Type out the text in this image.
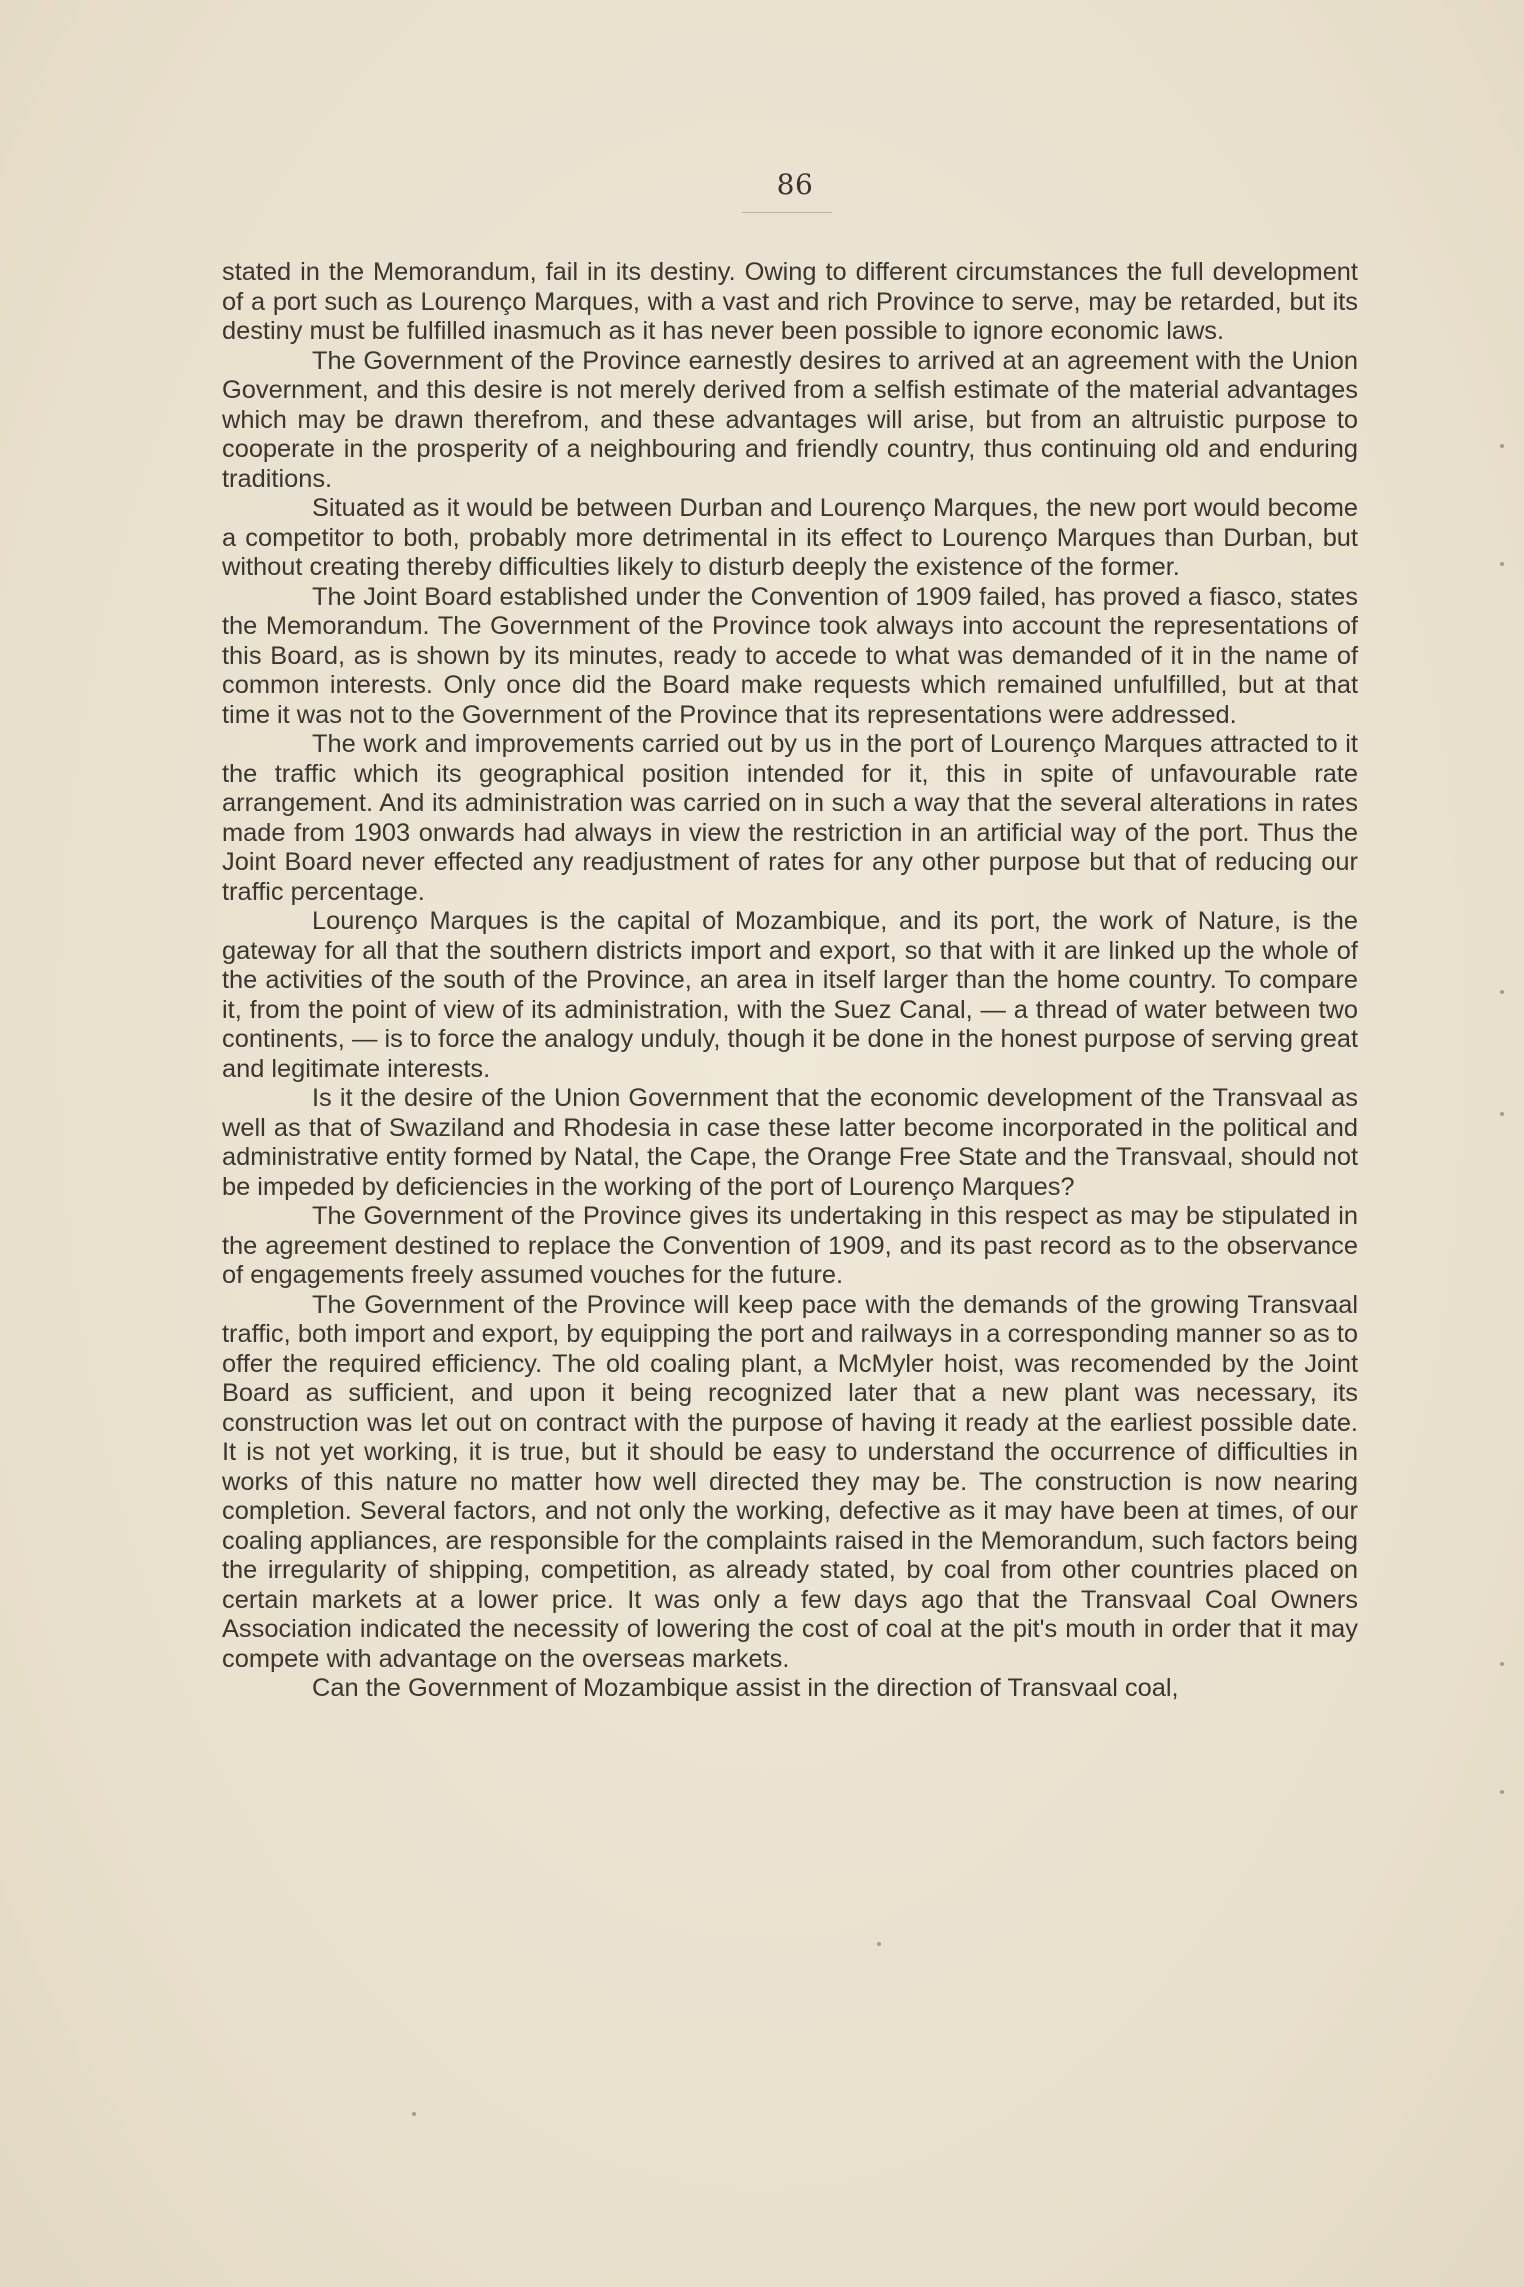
86

stated in the Memorandum, fail in its destiny. Owing to different circumstances the full development of a port such as Lourenço Marques, with a vast and rich Province to serve, may be retarded, but its destiny must be fulfilled inasmuch as it has never been possible to ignore economic laws.

The Government of the Province earnestly desires to arrived at an agreement with the Union Government, and this desire is not merely derived from a selfish estimate of the material advantages which may be drawn therefrom, and these advantages will arise, but from an altruistic purpose to cooperate in the prosperity of a neighbouring and friendly country, thus continuing old and enduring traditions.

Situated as it would be between Durban and Lourenço Marques, the new port would become a competitor to both, probably more detrimental in its effect to Lourenço Marques than Durban, but without creating thereby difficulties likely to disturb deeply the existence of the former.

The Joint Board established under the Convention of 1909 failed, has proved a fiasco, states the Memorandum. The Government of the Province took always into account the representations of this Board, as is shown by its minutes, ready to accede to what was demanded of it in the name of common interests. Only once did the Board make requests which remained unfulfilled, but at that time it was not to the Government of the Province that its representations were addressed.

The work and improvements carried out by us in the port of Lourenço Marques attracted to it the traffic which its geographical position intended for it, this in spite of unfavourable rate arrangement. And its administration was carried on in such a way that the several alterations in rates made from 1903 onwards had always in view the restriction in an artificial way of the port. Thus the Joint Board never effected any readjustment of rates for any other purpose but that of reducing our traffic percentage.

Lourenço Marques is the capital of Mozambique, and its port, the work of Nature, is the gateway for all that the southern districts import and export, so that with it are linked up the whole of the activities of the south of the Province, an area in itself larger than the home country. To compare it, from the point of view of its administration, with the Suez Canal, — a thread of water between two continents, — is to force the analogy unduly, though it be done in the honest purpose of serving great and legitimate interests.

Is it the desire of the Union Government that the economic development of the Transvaal as well as that of Swaziland and Rhodesia in case these latter become incorporated in the political and administrative entity formed by Natal, the Cape, the Orange Free State and the Transvaal, should not be impeded by deficiencies in the working of the port of Lourenço Marques?

The Government of the Province gives its undertaking in this respect as may be stipulated in the agreement destined to replace the Convention of 1909, and its past record as to the observance of engagements freely assumed vouches for the future.

The Government of the Province will keep pace with the demands of the growing Transvaal traffic, both import and export, by equipping the port and railways in a corresponding manner so as to offer the required efficiency. The old coaling plant, a McMyler hoist, was recomended by the Joint Board as sufficient, and upon it being recognized later that a new plant was necessary, its construction was let out on contract with the purpose of having it ready at the earliest possible date. It is not yet working, it is true, but it should be easy to understand the occurrence of difficulties in works of this nature no matter how well directed they may be. The construction is now nearing completion. Several factors, and not only the working, defective as it may have been at times, of our coaling appliances, are responsible for the complaints raised in the Memorandum, such factors being the irregularity of shipping, competition, as already stated, by coal from other countries placed on certain markets at a lower price. It was only a few days ago that the Transvaal Coal Owners Association indicated the necessity of lowering the cost of coal at the pit's mouth in order that it may compete with advantage on the overseas markets.

Can the Government of Mozambique assist in the direction of Transvaal coal,
